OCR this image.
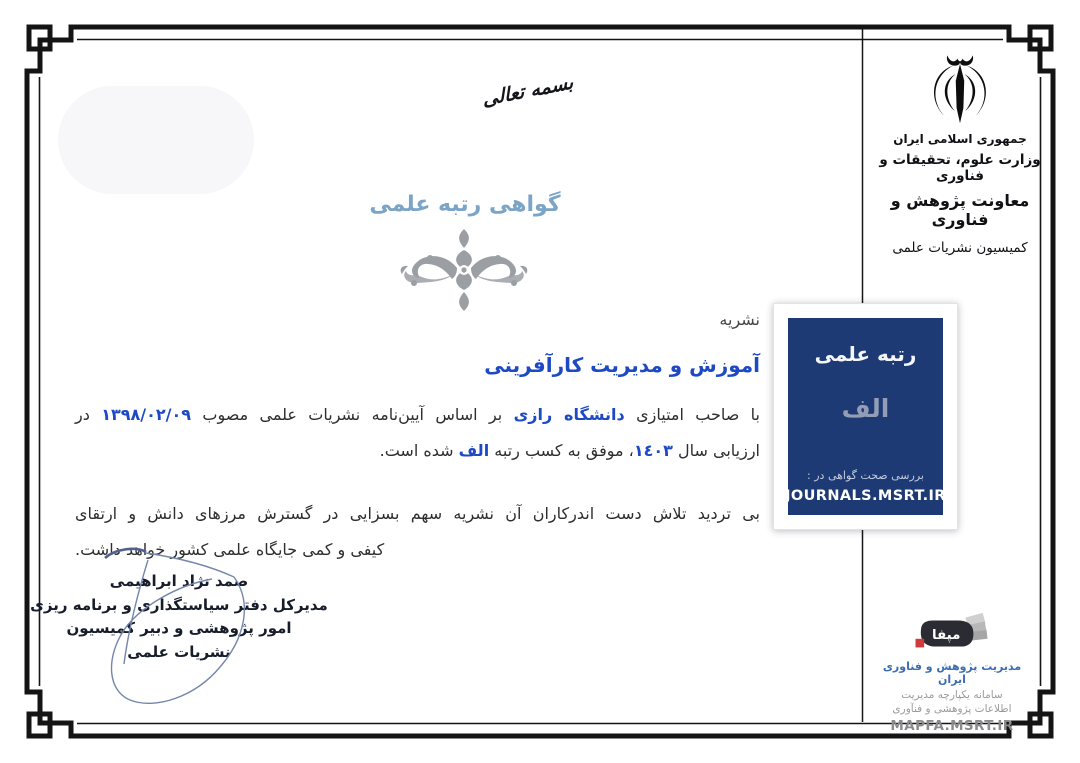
بسمه تعالی
جمهوری اسلامی ایران
وزارت علوم، تحقیقات و فناوری
معاونت پژوهش و فناوری
کمیسیون نشریات علمی
گواهی رتبه علمی
نشریه
آموزش و مدیریت کارآفرینی
با صاحب امتیازی دانشگاه رازی بر اساس آیین‌نامه نشریات علمی مصوب ۱۳۹۸/۰۲/۰۹ در
ارزیابی سال ۱٤۰۳، موفق به کسب رتبه الف شده است.
بی تردید تلاش دست اندرکاران آن نشریه سهم بسزایی در گسترش مرزهای دانش و ارتقای
کیفی و کمی جایگاه علمی کشور خواهد داشت.
رتبه علمی
الف
بررسی صحت گواهی در :
JOURNALS.MSRT.IR
صمد نژاد ابراهیمی
مدیرکل دفتر سیاستگذاری و برنامه ریزی
امور پژوهشی و دبیر کمیسیون
نشریات علمی
مپفا
مدیریت پژوهش و فناوری ایران
سامانه یکپارچه مدیریت
اطلاعات پژوهشی و فنآوری
MAPFA.MSRT.IR
